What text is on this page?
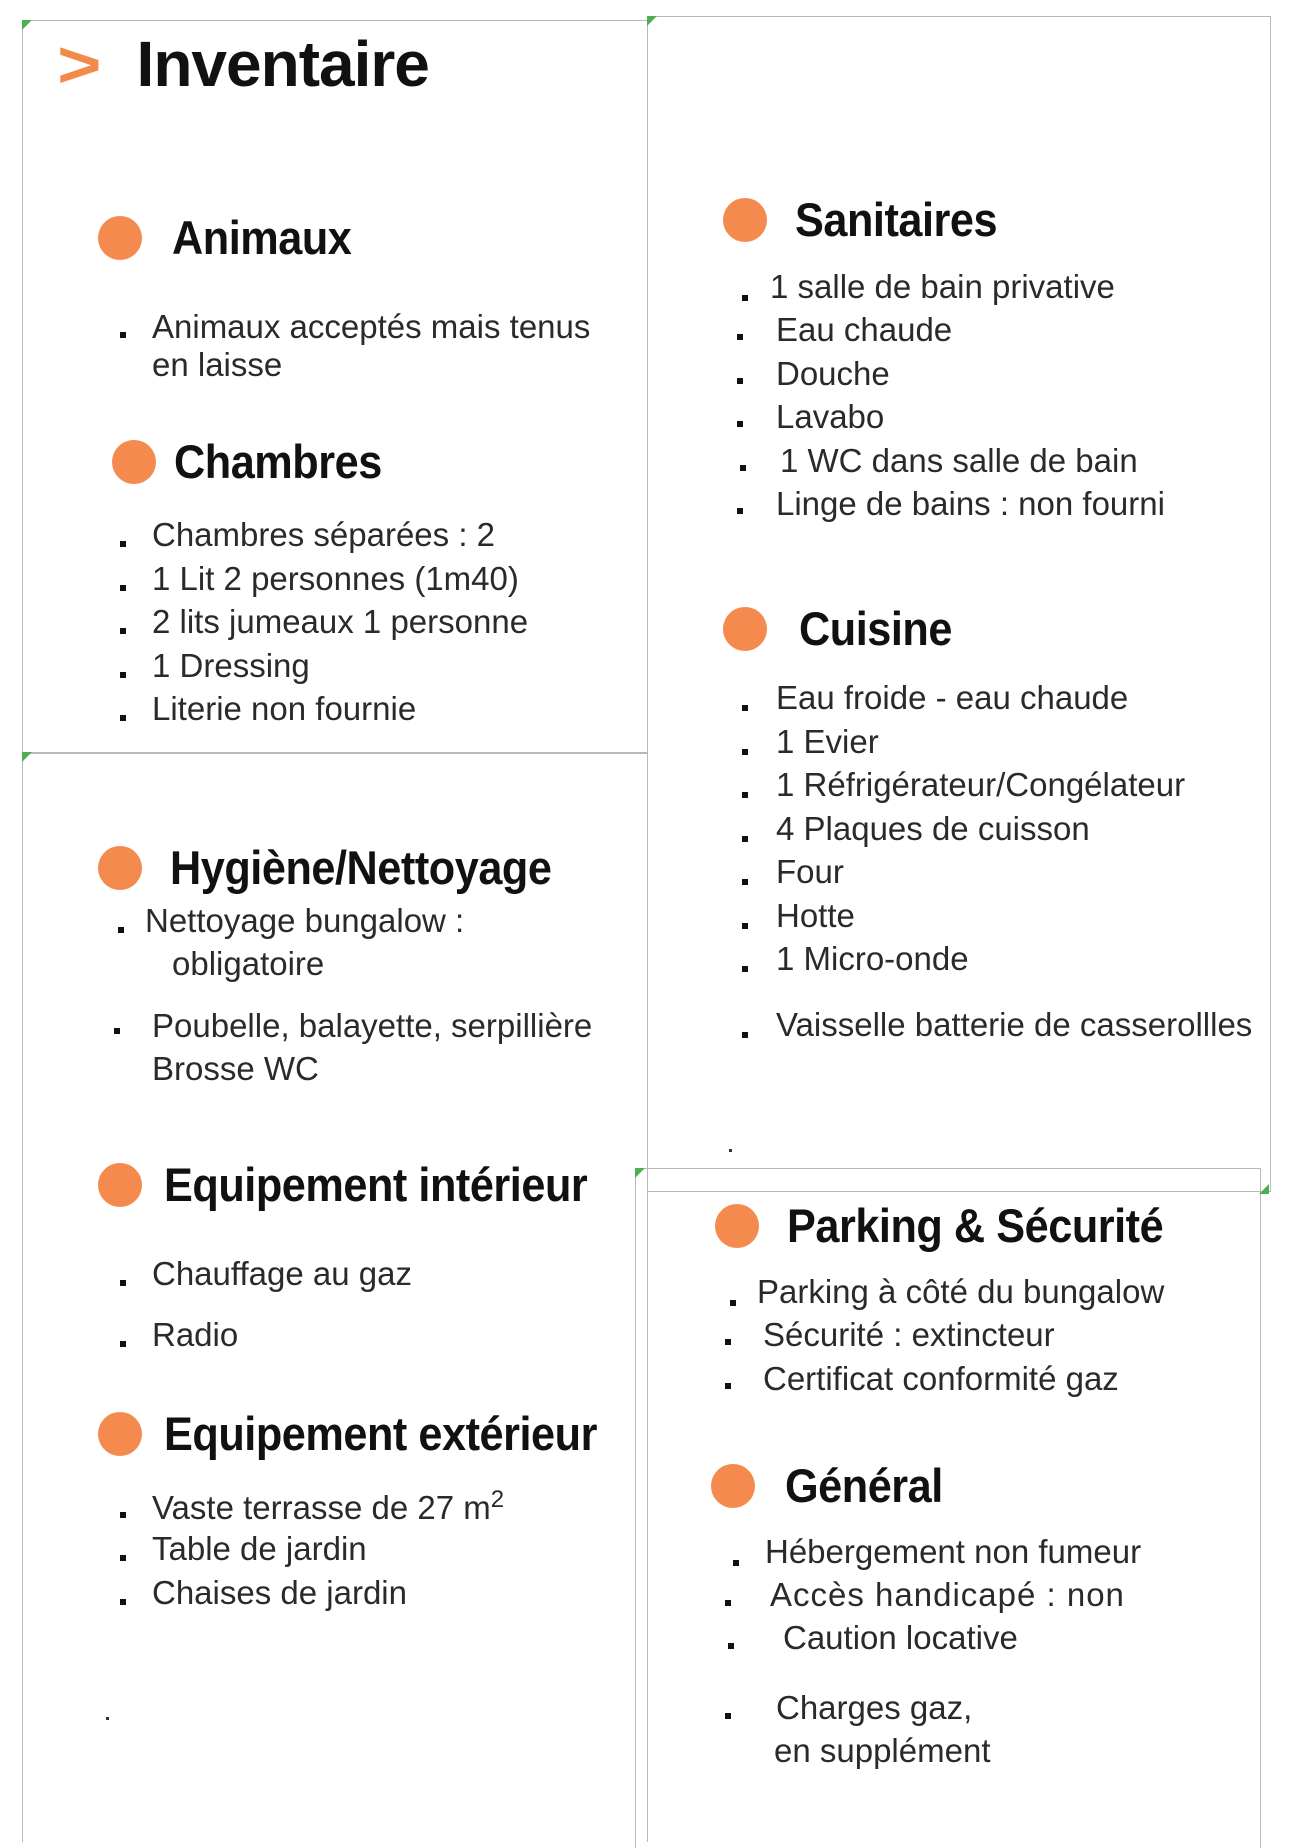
> Inventaire
Animaux
Animaux acceptés mais tenus
en laisse
Chambres
Chambres séparées : 2
1 Lit 2 personnes (1m40)
2 lits jumeaux 1 personne
1 Dressing
Literie non fournie
Hygiène/Nettoyage
Nettoyage bungalow :
obligatoire
Poubelle, balayette, serpillière
Brosse WC
Equipement intérieur
Chauffage au gaz
Radio
Equipement extérieur
Vaste terrasse de 27 $m^2$
Table de jardin
Chaises de jardin
Sanitaires
1 salle de bain privative
Eau chaude
Douche
Lavabo
1 WC dans salle de bain
Linge de bains : non fourni
Cuisine
Eau froide - eau chaude
1 Evier
1 Réfrigérateur/Congélateur
4 Plaques de cuisson
Four
Hotte
1 Micro-onde
Vaisselle batterie de casserollles
Parking & Sécurité
Parking à côté du bungalow
Sécurité : extincteur
Certificat conformité gaz
Général
Hébergement non fumeur
Accès handicapé : non
Caution locative
Charges gaz,
en supplément
